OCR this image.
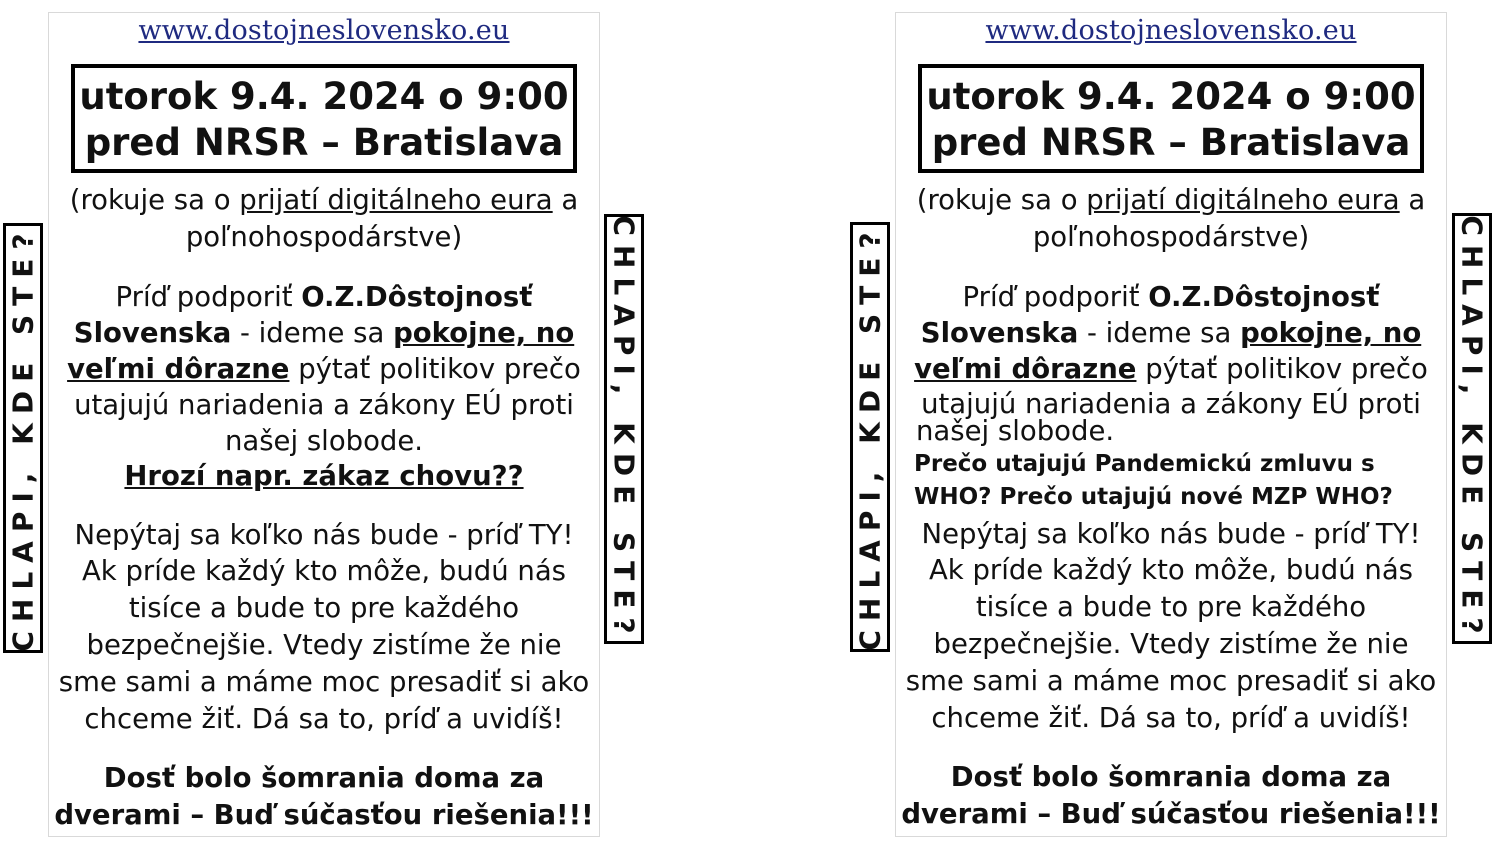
www.dostojneslovensko.eu
utorok 9.4. 2024 o 9:00
pred NRSR – Bratislava
(rokuje sa o prijatí digitálneho eura a
poľnohospodárstve)
Príď podporiť O.Z.Dôstojnosť
Slovenska - ideme sa pokojne, no
veľmi dôrazne pýtať politikov prečo
utajujú nariadenia a zákony EÚ proti
našej slobode.
Hrozí napr. zákaz chovu??
Nepýtaj sa koľko nás bude - príď TY!
Ak príde každý kto môže, budú nás
tisíce a bude to pre každého
bezpečnejšie. Vtedy zistíme že nie
sme sami a máme moc presadiť si ako
chceme žiť. Dá sa to, príď a uvidíš!
Dosť bolo šomrania doma za
dverami – Buď súčasťou riešenia!!!
www.dostojneslovensko.eu
utorok 9.4. 2024 o 9:00
pred NRSR – Bratislava
(rokuje sa o prijatí digitálneho eura a
poľnohospodárstve)
Príď podporiť O.Z.Dôstojnosť
Slovenska - ideme sa pokojne, no
veľmi dôrazne pýtať politikov prečo
utajujú nariadenia a zákony EÚ proti
našej slobode.
Prečo utajujú Pandemickú zmluvu s
WHO? Prečo utajujú nové MZP WHO?
Nepýtaj sa koľko nás bude - príď TY!
Ak príde každý kto môže, budú nás
tisíce a bude to pre každého
bezpečnejšie. Vtedy zistíme že nie
sme sami a máme moc presadiť si ako
chceme žiť. Dá sa to, príď a uvidíš!
Dosť bolo šomrania doma za
dverami – Buď súčasťou riešenia!!!
CHLAPI, KDE STE?	CHLAPI, KDE STE?	CHLAPI, KDE STE?	CHLAPI, KDE STE?
